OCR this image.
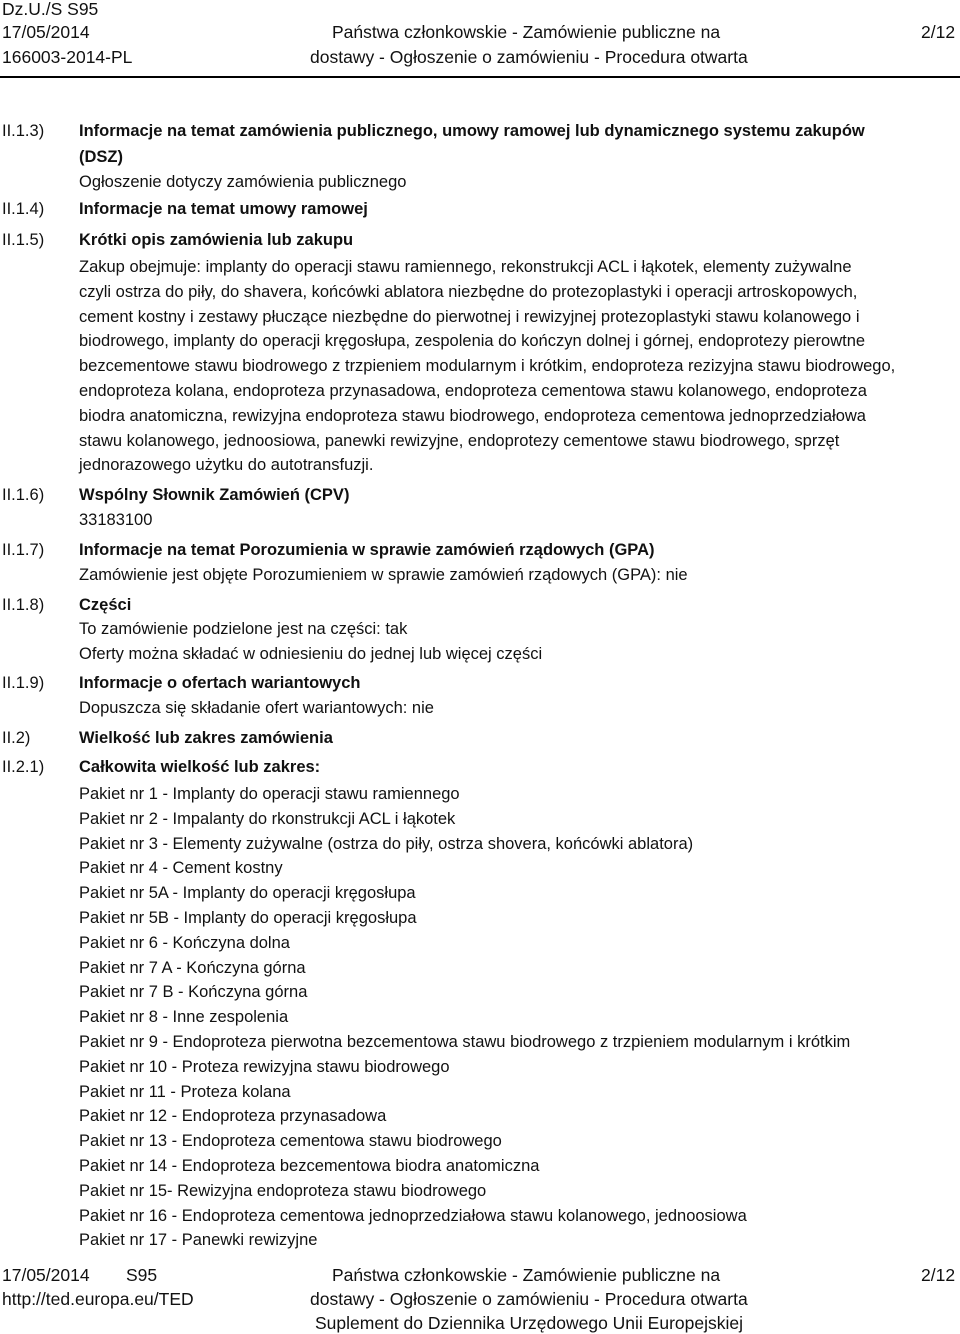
Dz.U./S S95
17/05/2014
166003-2014-PL
Państwa członkowskie - Zamówienie publiczne na
dostawy - Ogłoszenie o zamówieniu - Procedura otwarta
2/12
II.1.3)
II.1.4)
II.1.5)
II.1.6)
II.1.7)
II.1.8)
II.1.9)
II.2)
II.2.1)
Informacje na temat zamówienia publicznego, umowy ramowej lub dynamicznego systemu zakupów
(DSZ)
Ogłoszenie dotyczy zamówienia publicznego
Informacje na temat umowy ramowej
Krótki opis zamówienia lub zakupu
Zakup obejmuje: implanty do operacji stawu ramiennego, rekonstrukcji ACL i łąkotek, elementy zużywalne
czyli ostrza do piły, do shavera, końcówki ablatora niezbędne do protezoplastyki i operacji artroskopowych,
cement kostny i zestawy płuczące niezbędne do pierwotnej i rewizyjnej protezoplastyki stawu kolanowego i
biodrowego, implanty do operacji kręgosłupa, zespolenia do kończyn dolnej i górnej, endoprotezy pierowtne
bezcementowe stawu biodrowego z trzpieniem modularnym i krótkim, endoproteza rezizyjna stawu biodrowego,
endoproteza kolana, endoproteza przynasadowa, endoproteza cementowa stawu kolanowego, endoproteza
biodra anatomiczna, rewizyjna endoproteza stawu biodrowego, endoproteza cementowa jednoprzedziałowa
stawu kolanowego, jednoosiowa, panewki rewizyjne, endoprotezy cementowe stawu biodrowego, sprzęt
jednorazowego użytku do autotransfuzji.
Wspólny Słownik Zamówień (CPV)
33183100
Informacje na temat Porozumienia w sprawie zamówień rządowych (GPA)
Zamówienie jest objęte Porozumieniem w sprawie zamówień rządowych (GPA): nie
Części
To zamówienie podzielone jest na części: tak
Oferty można składać w odniesieniu do jednej lub więcej części
Informacje o ofertach wariantowych
Dopuszcza się składanie ofert wariantowych: nie
Wielkość lub zakres zamówienia
Całkowita wielkość lub zakres:
Pakiet nr 1 - Implanty do operacji stawu ramiennego
Pakiet nr 2 - Impalanty do rkonstrukcji ACL i łąkotek
Pakiet nr 3 - Elementy zużywalne (ostrza do piły, ostrza shovera, końcówki ablatora)
Pakiet nr 4 - Cement kostny
Pakiet nr 5A - Implanty do operacji kręgosłupa
Pakiet nr 5B - Implanty do operacji kręgosłupa
Pakiet nr 6 - Kończyna dolna
Pakiet nr 7 A - Kończyna górna
Pakiet nr 7 B - Kończyna górna
Pakiet nr 8 - Inne zespolenia
Pakiet nr 9 - Endoproteza pierwotna bezcementowa stawu biodrowego z trzpieniem modularnym i krótkim
Pakiet nr 10 - Proteza rewizyjna stawu biodrowego
Pakiet nr 11 - Proteza kolana
Pakiet nr 12 - Endoproteza przynasadowa
Pakiet nr 13 - Endoproteza cementowa stawu biodrowego
Pakiet nr 14 - Endoproteza bezcementowa biodra anatomiczna
Pakiet nr 15- Rewizyjna endoproteza stawu biodrowego
Pakiet nr 16 - Endoproteza cementowa jednoprzedziałowa stawu kolanowego, jednoosiowa
Pakiet nr 17 - Panewki rewizyjne
17/05/2014 S95
http://ted.europa.eu/TED
Państwa członkowskie - Zamówienie publiczne na
dostawy - Ogłoszenie o zamówieniu - Procedura otwarta
Suplement do Dziennika Urzędowego Unii Europejskiej
2/12
